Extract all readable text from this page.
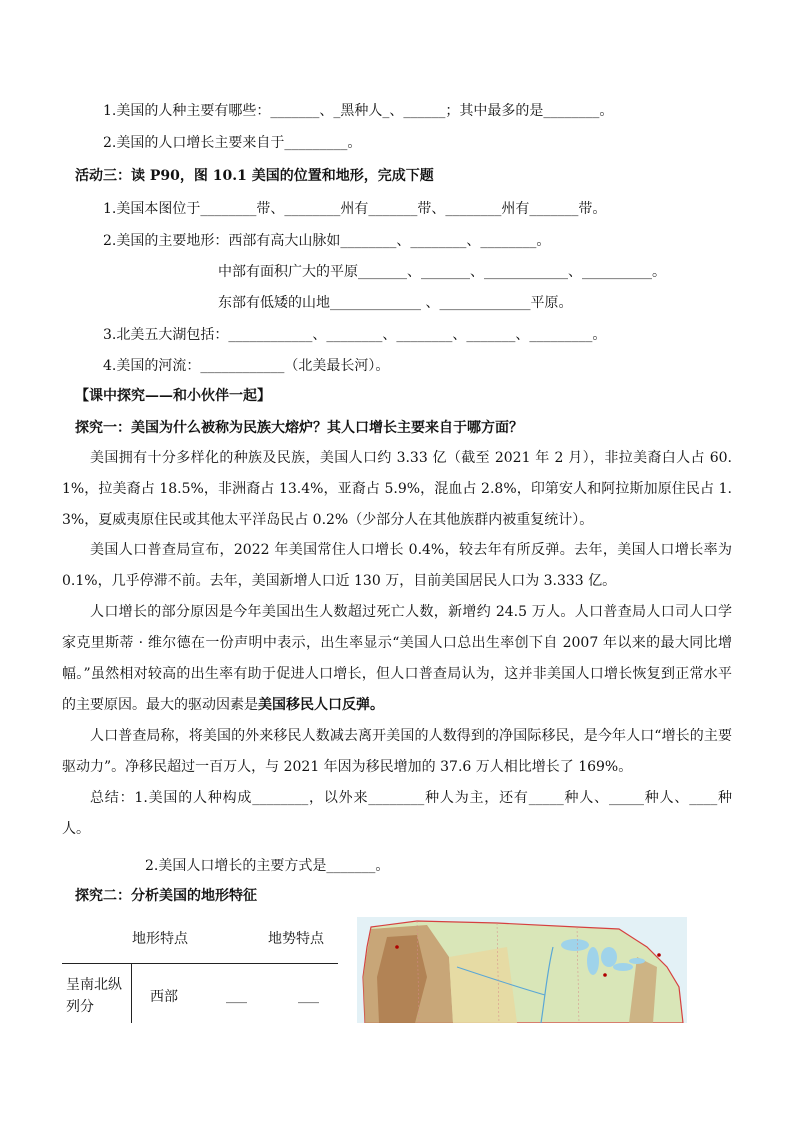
1.美国的人种主要有哪些：_______、_黑种人_、______；其中最多的是________。
2.美国的人口增长主要来自于_________。
活动三：读 P90，图 10.1 美国的位置和地形，完成下题
1.美国本图位于________带、________州有_______带、________州有_______带。
2.美国的主要地形：西部有高大山脉如________、________、________。
中部有面积广大的平原_______、_______、____________、__________。
东部有低矮的山地_____________ 、_____________平原。
3.北美五大湖包括：____________、________、________、_______、_________。
4.美国的河流：____________（北美最长河）。
【课中探究——和小伙伴一起】
探究一：美国为什么被称为民族大熔炉？其人口增长主要来自于哪方面？
美国拥有十分多样化的种族及民族，美国人口约 3.33 亿（截至 2021 年 2 月），非拉美裔白人占 60.1%，拉美裔占 18.5%，非洲裔占 13.4%，亚裔占 5.9%，混血占 2.8%，印第安人和阿拉斯加原住民占 1.3%，夏威夷原住民或其他太平洋岛民占 0.2%（少部分人在其他族群内被重复统计）。
美国人口普查局宣布，2022 年美国常住人口增长 0.4%，较去年有所反弹。去年，美国人口增长率为 0.1%，几乎停滞不前。去年，美国新增人口近 130 万，目前美国居民人口为 3.333 亿。
人口增长的部分原因是今年美国出生人数超过死亡人数，新增约 24.5 万人。人口普查局人口司人口学家克里斯蒂 · 维尔德在一份声明中表示，出生率显示“美国人口总出生率创下自 2007 年以来的最大同比增幅。”虽然相对较高的出生率有助于促进人口增长，但人口普查局认为，这并非美国人口增长恢复到正常水平的主要原因。最大的驱动因素是美国移民人口反弹。
人口普查局称，将美国的外来移民人数减去离开美国的人数得到的净国际移民，是今年人口“增长的主要驱动力”。净移民超过一百万人，与 2021 年因为移民增加的 37.6 万人相比增长了 169%。
总结：1.美国的人种构成________，以外来________种人为主，还有_____种人、_____种人、____种人。
2.美国人口增长的主要方式是_______。
探究二：分析美国的地形特征
地形特点	地势特点
呈南北纵列分
西部	___	___
